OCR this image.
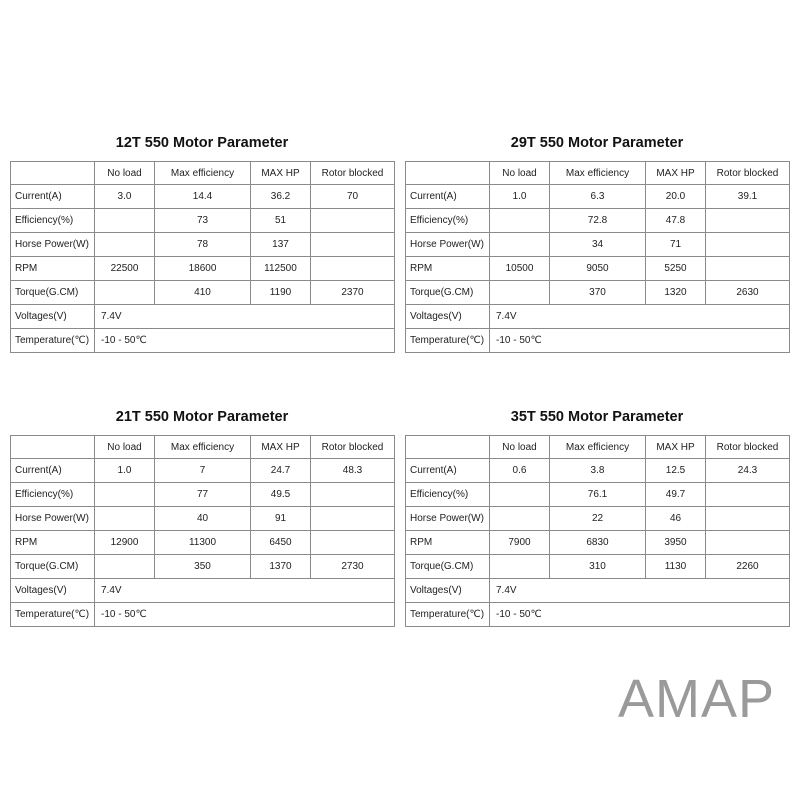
12T 550 Motor Parameter
	No load	Max efficiency	MAX HP	Rotor blocked
Current(A)	3.0	14.4	36.2	70
Efficiency(%)		73	51	
Horse Power(W)		78	137	
RPM	22500	18600	112500	
Torque(G.CM)		410	1190	2370
Voltages(V)	7.4V			
Temperature(℃)	-10 - 50℃			
29T 550 Motor Parameter
	No load	Max efficiency	MAX HP	Rotor blocked
Current(A)	1.0	6.3	20.0	39.1
Efficiency(%)		72.8	47.8	
Horse Power(W)		34	71	
RPM	10500	9050	5250	
Torque(G.CM)		370	1320	2630
Voltages(V)	7.4V			
Temperature(℃)	-10 - 50℃			
21T 550 Motor Parameter
	No load	Max efficiency	MAX HP	Rotor blocked
Current(A)	1.0	7	24.7	48.3
Efficiency(%)		77	49.5	
Horse Power(W)		40	91	
RPM	12900	11300	6450	
Torque(G.CM)		350	1370	2730
Voltages(V)	7.4V			
Temperature(℃)	-10 - 50℃			
35T 550 Motor Parameter
	No load	Max efficiency	MAX HP	Rotor blocked
Current(A)	0.6	3.8	12.5	24.3
Efficiency(%)		76.1	49.7	
Horse Power(W)		22	46	
RPM	7900	6830	3950	
Torque(G.CM)		310	1130	2260
Voltages(V)	7.4V			
Temperature(℃)	-10 - 50℃			
AMAP
